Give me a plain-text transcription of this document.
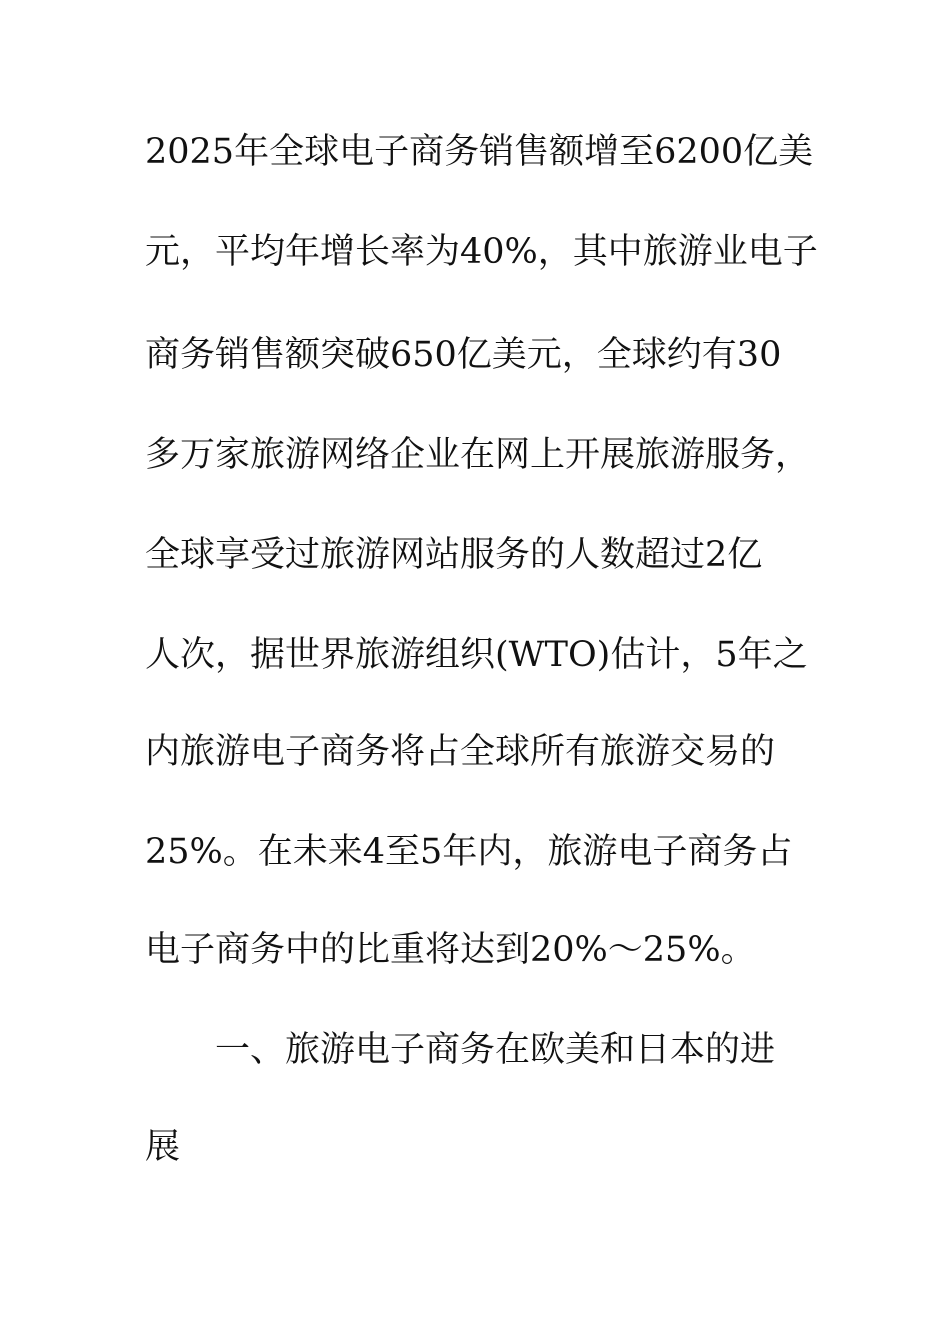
2025年全球电子商务销售额增至6200亿美
元，平均年增长率为40%，其中旅游业电子
商务销售额突破650亿美元，全球约有30
多万家旅游网络企业在网上开展旅游服务，
全球享受过旅游网站服务的人数超过2亿
人次，据世界旅游组织(WTO)估计，5年之
内旅游电子商务将占全球所有旅游交易的
25%。在未来4至5年内，旅游电子商务占
电子商务中的比重将达到20%～25%。
一、旅游电子商务在欧美和日本的进
展
